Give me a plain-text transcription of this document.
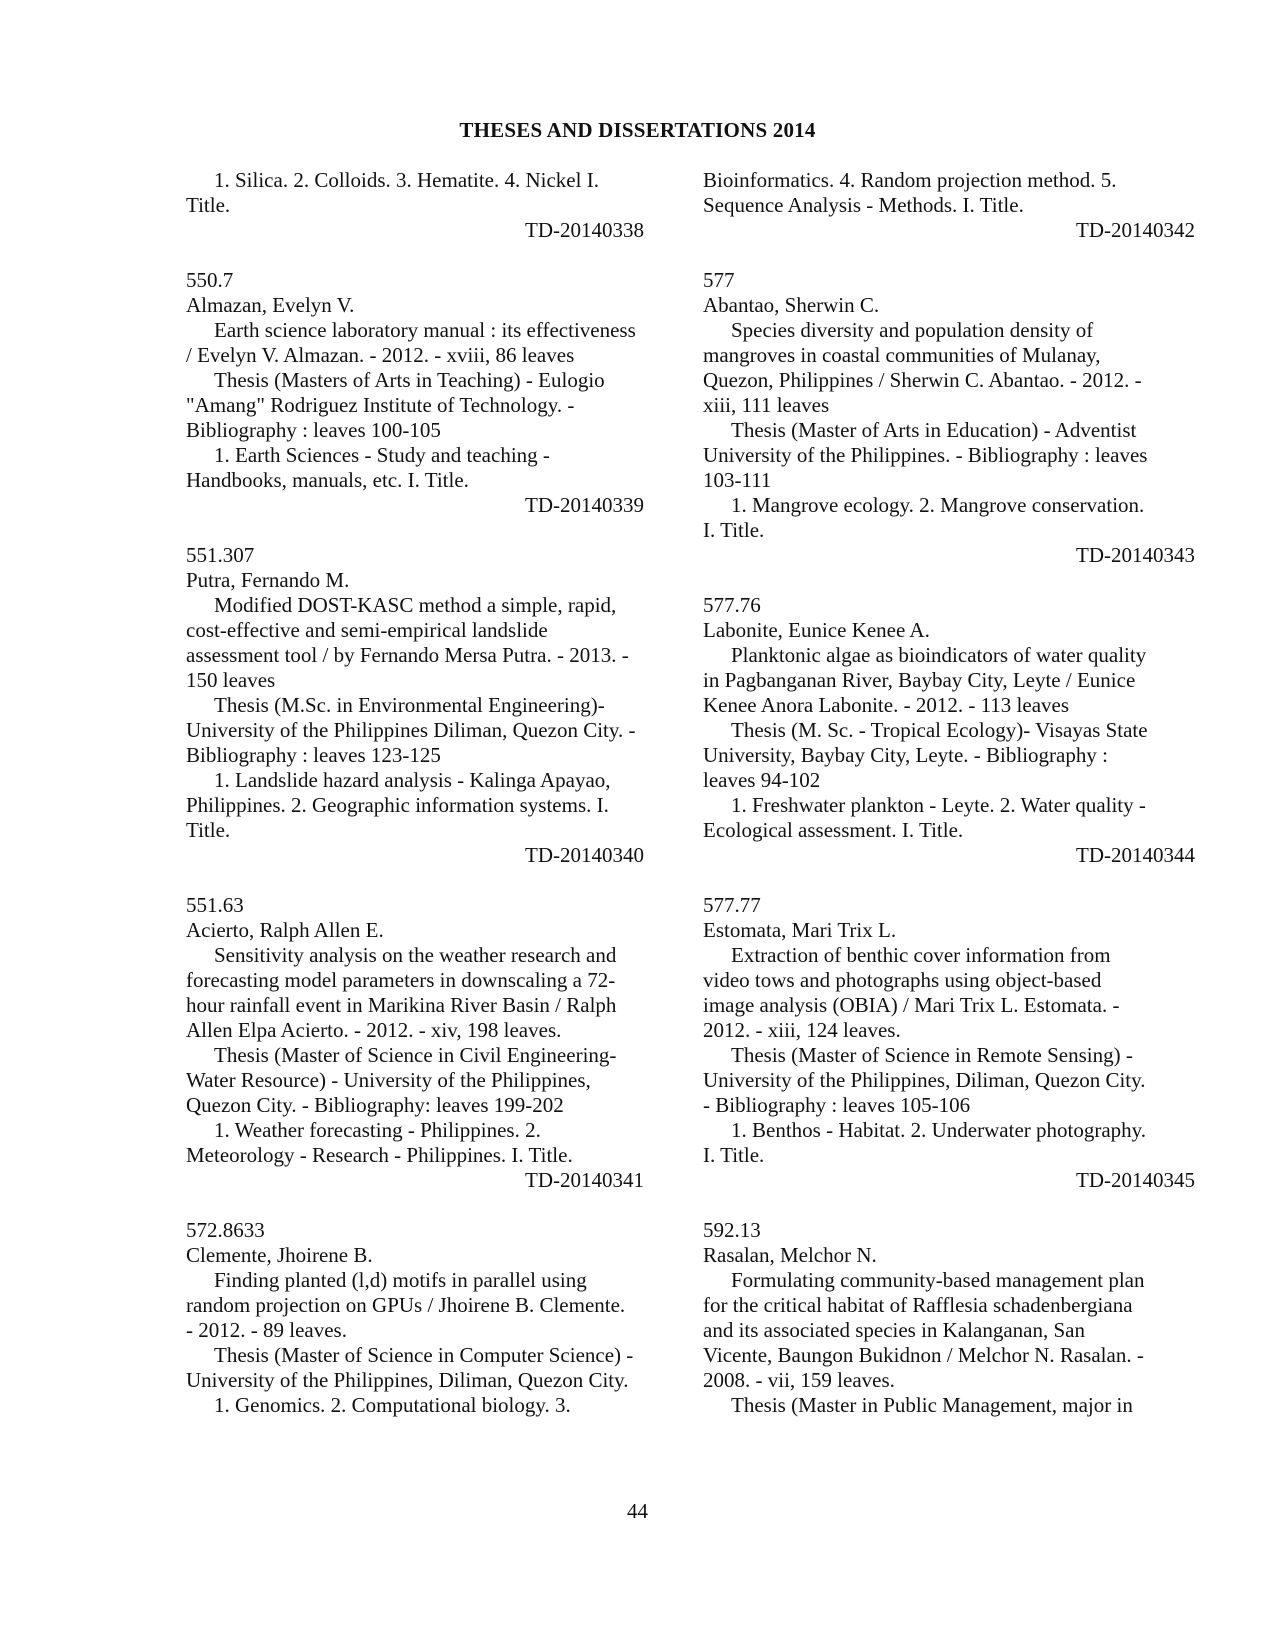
THESES AND DISSERTATIONS 2014
1. Silica. 2. Colloids. 3. Hematite. 4. Nickel I.
Title.
TD-20140338
550.7
Almazan, Evelyn V.
Earth science laboratory manual : its effectiveness
/ Evelyn V. Almazan. - 2012. - xviii, 86 leaves
Thesis (Masters of Arts in Teaching) - Eulogio
"Amang" Rodriguez Institute of Technology. -
Bibliography : leaves 100-105
1. Earth Sciences - Study and teaching -
Handbooks, manuals, etc. I. Title.
TD-20140339
551.307
Putra, Fernando M.
Modified DOST-KASC method a simple, rapid,
cost-effective and semi-empirical landslide
assessment tool / by Fernando Mersa Putra. - 2013. -
150 leaves
Thesis (M.Sc. in Environmental Engineering)-
University of the Philippines Diliman, Quezon City. -
Bibliography : leaves 123-125
1. Landslide hazard analysis - Kalinga Apayao,
Philippines. 2. Geographic information systems. I.
Title.
TD-20140340
551.63
Acierto, Ralph Allen E.
Sensitivity analysis on the weather research and
forecasting model parameters in downscaling a 72-
hour rainfall event in Marikina River Basin / Ralph
Allen Elpa Acierto. - 2012. - xiv, 198 leaves.
Thesis (Master of Science in Civil Engineering-
Water Resource) - University of the Philippines,
Quezon City. - Bibliography: leaves 199-202
1. Weather forecasting - Philippines. 2.
Meteorology - Research - Philippines. I. Title.
TD-20140341
572.8633
Clemente, Jhoirene B.
Finding planted (l,d) motifs in parallel using
random projection on GPUs / Jhoirene B. Clemente.
- 2012. - 89 leaves.
Thesis (Master of Science in Computer Science) -
University of the Philippines, Diliman, Quezon City.
1. Genomics. 2. Computational biology. 3.
Bioinformatics. 4. Random projection method. 5.
Sequence Analysis - Methods. I. Title.
TD-20140342
577
Abantao, Sherwin C.
Species diversity and population density of
mangroves in coastal communities of Mulanay,
Quezon, Philippines / Sherwin C. Abantao. - 2012. -
xiii, 111 leaves
Thesis (Master of Arts in Education) - Adventist
University of the Philippines. - Bibliography : leaves
103-111
1. Mangrove ecology. 2. Mangrove conservation.
I. Title.
TD-20140343
577.76
Labonite, Eunice Kenee A.
Planktonic algae as bioindicators of water quality
in Pagbanganan River, Baybay City, Leyte / Eunice
Kenee Anora Labonite. - 2012. - 113 leaves
Thesis (M. Sc. - Tropical Ecology)- Visayas State
University, Baybay City, Leyte. - Bibliography :
leaves 94-102
1. Freshwater plankton - Leyte. 2. Water quality -
Ecological assessment. I. Title.
TD-20140344
577.77
Estomata, Mari Trix L.
Extraction of benthic cover information from
video tows and photographs using object-based
image analysis (OBIA) / Mari Trix L. Estomata. -
2012. - xiii, 124 leaves.
Thesis (Master of Science in Remote Sensing) -
University of the Philippines, Diliman, Quezon City.
- Bibliography : leaves 105-106
1. Benthos - Habitat. 2. Underwater photography.
I. Title.
TD-20140345
592.13
Rasalan, Melchor N.
Formulating community-based management plan
for the critical habitat of Rafflesia schadenbergiana
and its associated species in Kalanganan, San
Vicente, Baungon Bukidnon / Melchor N. Rasalan. -
2008. - vii, 159 leaves.
Thesis (Master in Public Management, major in
44
